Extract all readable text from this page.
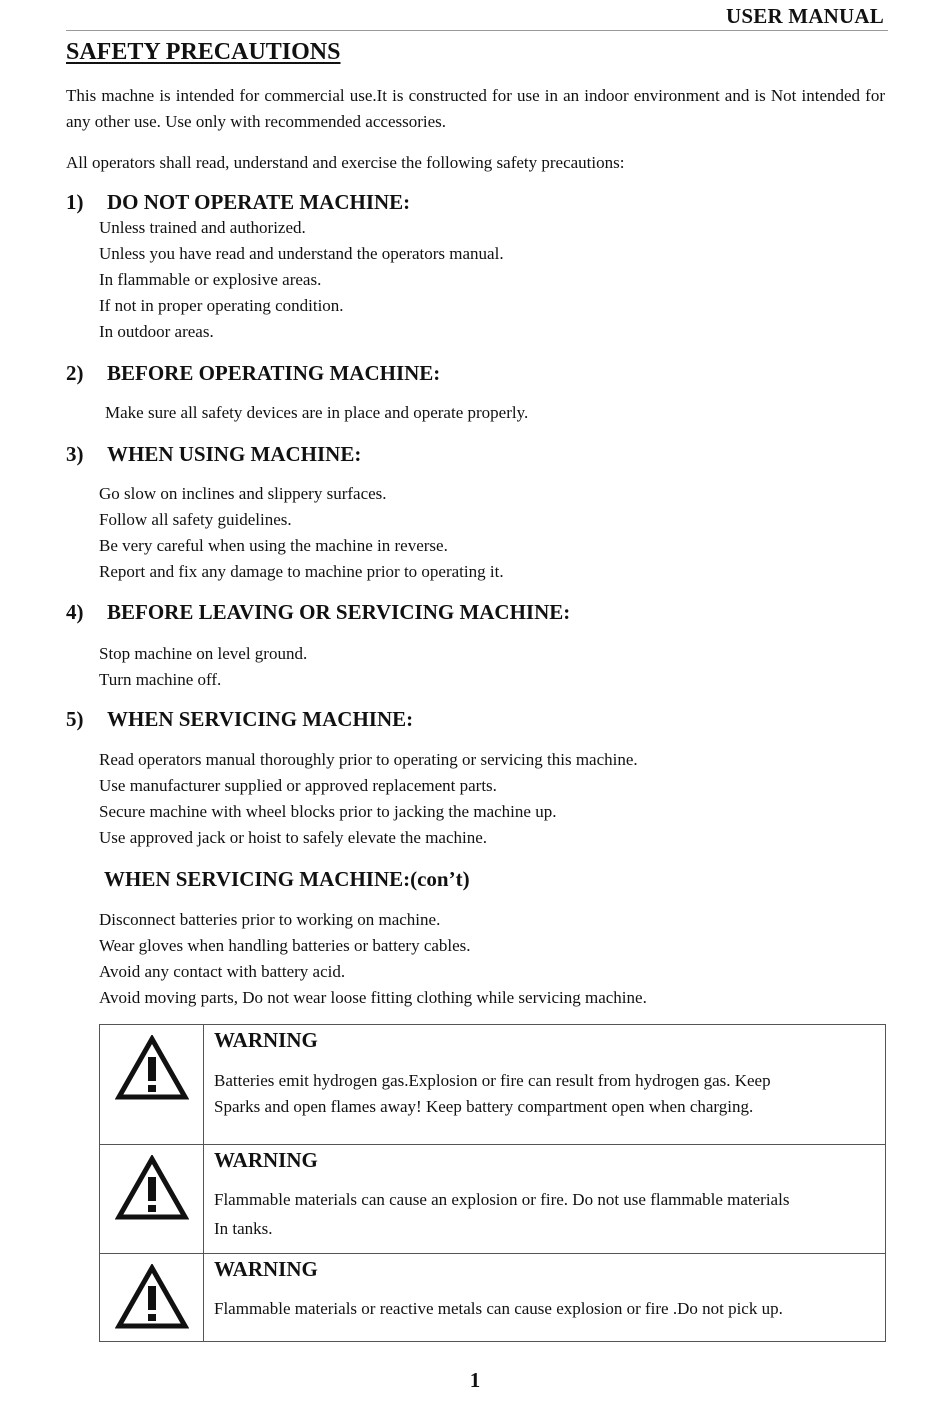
USER MANUAL
SAFETY PRECAUTIONS
This machne is intended for commercial use.It is constructed for use in an indoor environment and is Not intended for any other use. Use only with recommended accessories.
All operators shall read, understand and exercise the following safety precautions:
1)	DO NOT OPERATE MACHINE:
Unless trained and authorized.
Unless you have read and understand the operators manual.
In flammable or explosive areas.
If not in proper operating condition.
In outdoor areas.
2)	BEFORE OPERATING MACHINE:
Make sure all safety devices are in place and operate properly.
3)	WHEN USING MACHINE:
Go slow on inclines and slippery surfaces.
Follow all safety guidelines.
Be very careful when using the machine in reverse.
Report and fix any damage to machine prior to operating it.
4)	BEFORE LEAVING OR SERVICING MACHINE:
Stop machine on level ground.
Turn machine off.
5)	WHEN SERVICING MACHINE:
Read operators manual thoroughly prior to operating or servicing this machine.
Use manufacturer supplied or approved replacement parts.
Secure machine with wheel blocks prior to jacking the machine up.
Use approved jack or hoist to safely elevate the machine.
WHEN SERVICING MACHINE:(con’t)
Disconnect batteries prior to working on machine.
Wear gloves when handling batteries or battery cables.
Avoid any contact with battery acid.
Avoid moving parts, Do not wear loose fitting clothing while servicing machine.

WARNING
Batteries emit hydrogen gas.Explosion or fire can result from hydrogen gas. Keep
Sparks and open flames away! Keep battery compartment open when charging.

WARNING
Flammable materials can cause an explosion or fire. Do not use flammable materials
In tanks.

WARNING
Flammable materials or reactive metals can cause explosion or fire .Do not pick up.
1
